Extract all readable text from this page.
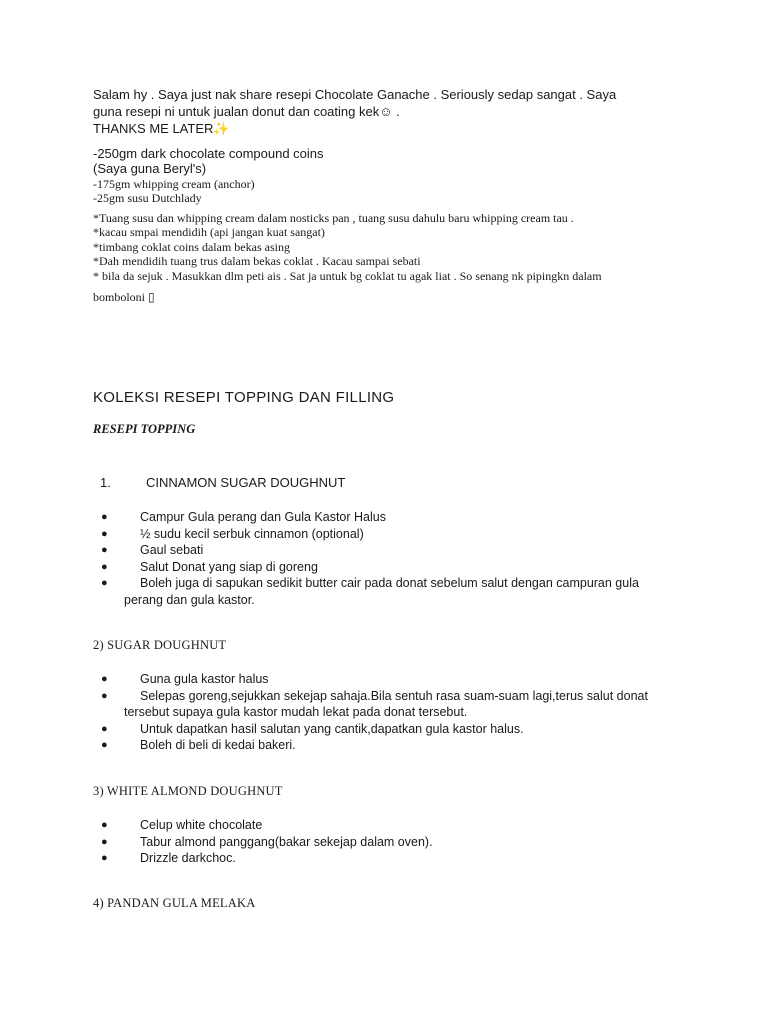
Salam hy . Saya just nak share resepi Chocolate Ganache . Seriously sedap sangat . Saya
guna resepi ni untuk jualan donut dan coating kek☺ .
THANKS ME LATER✨
-250gm dark chocolate compound coins
(Saya guna Beryl's)
-175gm whipping cream (anchor)
-25gm susu Dutchlady
*Tuang susu dan whipping cream dalam nosticks pan , tuang susu dahulu baru whipping cream tau .
*kacau smpai mendidih (api jangan kuat sangat)
*timbang coklat coins dalam bekas asing
*Dah mendidih tuang trus dalam bekas coklat . Kacau sampai sebati
* bila da sejuk . Masukkan dlm peti ais . Sat ja untuk bg coklat tu agak liat . So senang nk pipingkn dalam
bomboloni ▯
KOLEKSI RESEPI TOPPING DAN FILLING
RESEPI TOPPING
1.	CINNAMON SUGAR DOUGHNUT
●	Campur Gula perang dan Gula Kastor Halus
●	½ sudu kecil serbuk cinnamon (optional)
●	Gaul sebati
●	Salut Donat yang siap di goreng
●	Boleh juga di sapukan sedikit butter cair pada donat sebelum salut dengan campuran gula perang dan gula kastor.
2) SUGAR DOUGHNUT
●	Guna gula kastor halus
●	Selepas goreng,sejukkan sekejap sahaja.Bila sentuh rasa suam-suam lagi,terus salut donat tersebut supaya gula kastor mudah lekat pada donat tersebut.
●	Untuk dapatkan hasil salutan yang cantik,dapatkan gula kastor halus.
●	Boleh di beli di kedai bakeri.
3) WHITE ALMOND DOUGHNUT
●	Celup white chocolate
●	Tabur almond panggang(bakar sekejap dalam oven).
●	Drizzle darkchoc.
4) PANDAN GULA MELAKA
